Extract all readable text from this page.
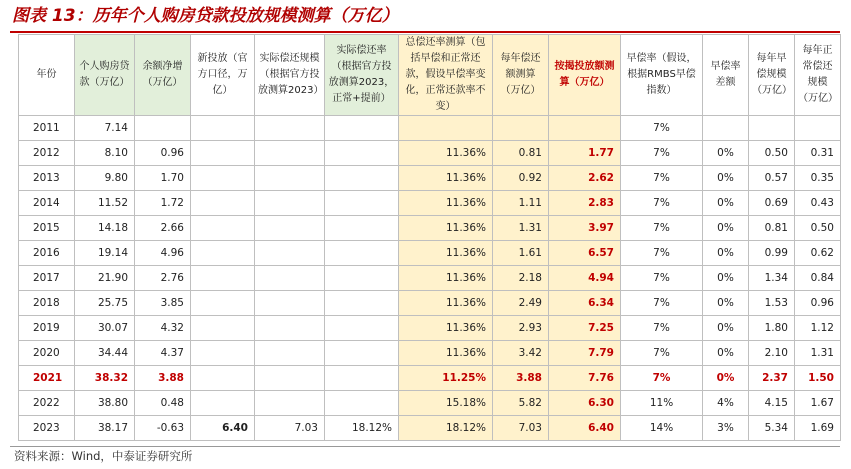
图表 13：历年个人购房贷款投放规模测算（万亿）
年份	个人购房贷款（万亿）	余额净增（万亿）	新投放（官方口径，万亿）	实际偿还规模（根据官方投放测算2023）	实际偿还率（根据官方投放测算2023，正常+提前）	总偿还率测算（包括早偿和正常还款，假设早偿率变化，正常还款率不变）	每年偿还额测算（万亿）	按揭投放额测算（万亿）	早偿率（假设，根据RMBS早偿指数）	早偿率差额	每年早偿规模（万亿）	每年正常偿还规模（万亿）
2011	7.14								7%			
2012	8.10	0.96				11.36%	0.81	1.77	7%	0%	0.50	0.31
2013	9.80	1.70				11.36%	0.92	2.62	7%	0%	0.57	0.35
2014	11.52	1.72				11.36%	1.11	2.83	7%	0%	0.69	0.43
2015	14.18	2.66				11.36%	1.31	3.97	7%	0%	0.81	0.50
2016	19.14	4.96				11.36%	1.61	6.57	7%	0%	0.99	0.62
2017	21.90	2.76				11.36%	2.18	4.94	7%	0%	1.34	0.84
2018	25.75	3.85				11.36%	2.49	6.34	7%	0%	1.53	0.96
2019	30.07	4.32				11.36%	2.93	7.25	7%	0%	1.80	1.12
2020	34.44	4.37				11.36%	3.42	7.79	7%	0%	2.10	1.31
2021	38.32	3.88				11.25%	3.88	7.76	7%	0%	2.37	1.50
2022	38.80	0.48				15.18%	5.82	6.30	11%	4%	4.15	1.67
2023	38.17	-0.63	6.40	7.03	18.12%	18.12%	7.03	6.40	14%	3%	5.34	1.69
资料来源：Wind，中泰证券研究所
